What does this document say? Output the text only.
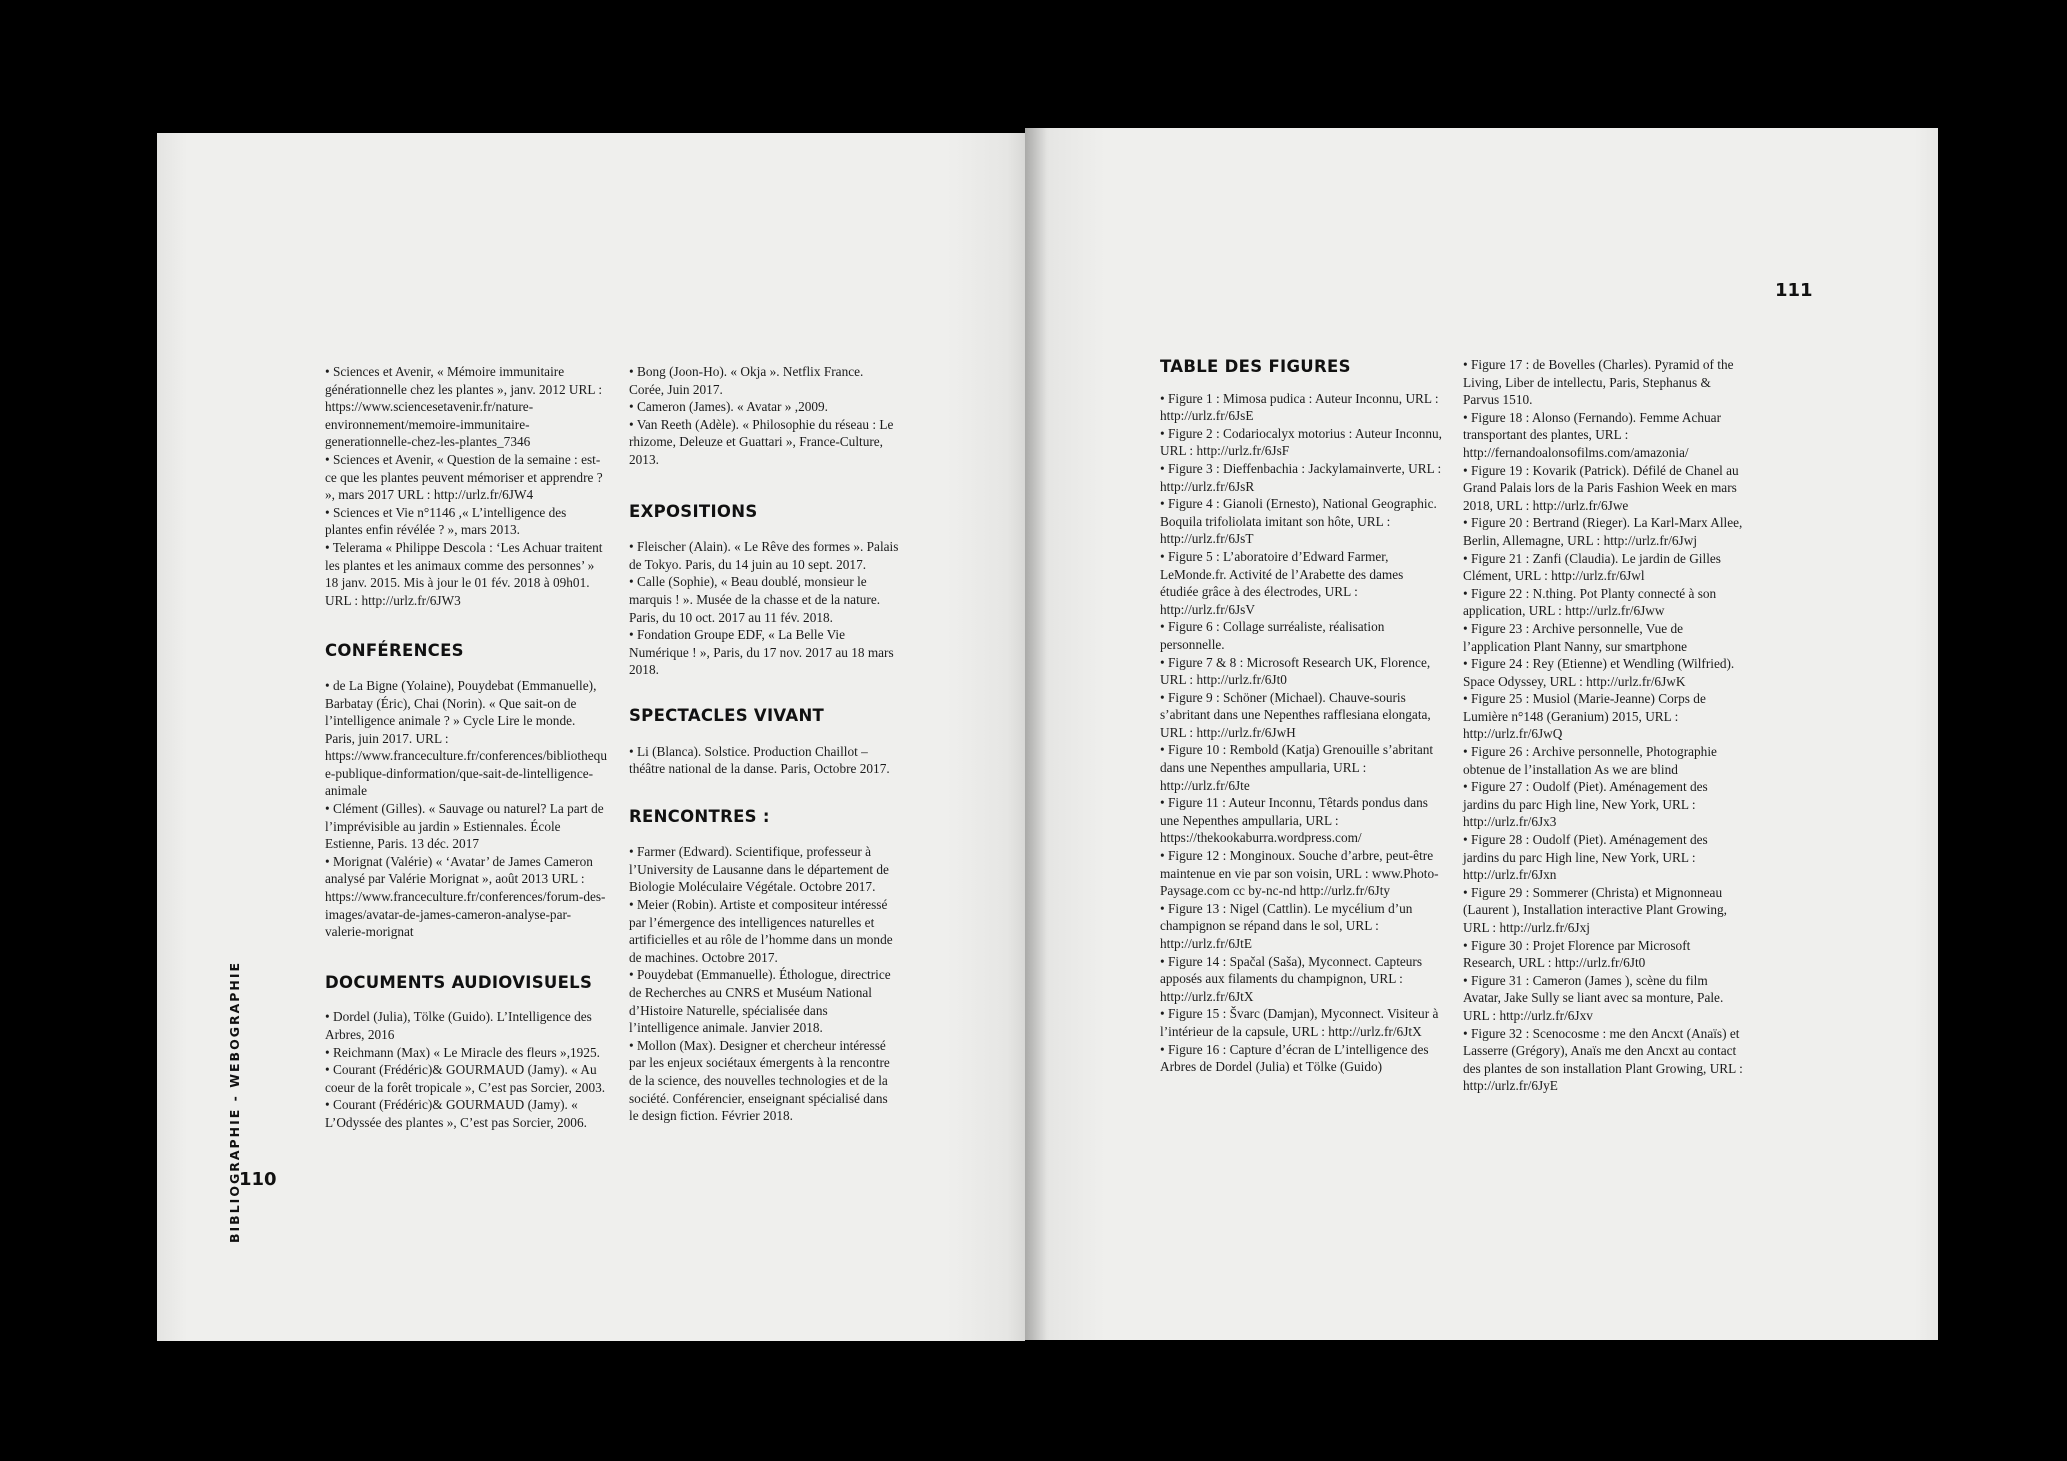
• Sciences et Avenir, « Mémoire immunitaire générationnelle chez les plantes », janv. 2012 URL : https://www.sciencesetavenir.fr/nature-environnement/memoire-immunitaire-generationnelle-chez-les-plantes_7346

• Sciences et Avenir, « Question de la semaine : est-ce que les plantes peuvent mémoriser et apprendre ? », mars 2017 URL : http://urlz.fr/6JW4

• Sciences et Vie n°1146 ,« L’intelligence des plantes enfin révélée ? », mars 2013.

• Telerama « Philippe Descola : ‘Les Achuar traitent les plantes et les animaux comme des personnes’ » 18 janv. 2015. Mis à jour le 01 fév. 2018 à 09h01. URL : http://urlz.fr/6JW3

CONFÉRENCES

• de La Bigne (Yolaine), Pouydebat (Emmanuelle), Barbatay (Éric), Chai (Norin). « Que sait-on de l’intelligence animale ? » Cycle Lire le monde. Paris, juin 2017. URL : https://www.franceculture.fr/conferences/bibliotheque-publique-dinformation/que-sait-de-lintelligence-animale

• Clément (Gilles). « Sauvage ou naturel? La part de l’imprévisible au jardin » Estiennales. École Estienne, Paris. 13 déc. 2017

• Morignat (Valérie) « ‘Avatar’ de James Cameron analysé par Valérie Morignat », août 2013 URL : https://www.franceculture.fr/conferences/forum-des-images/avatar-de-james-cameron-analyse-par-valerie-morignat

DOCUMENTS AUDIOVISUELS

• Dordel (Julia), Tölke (Guido). L’Intelligence des Arbres, 2016

• Reichmann (Max) « Le Miracle des fleurs »,1925.

• Courant (Frédéric)& GOURMAUD (Jamy). « Au coeur de la forêt tropicale », C’est pas Sorcier, 2003.

• Courant (Frédéric)& GOURMAUD (Jamy). « L’Odyssée des plantes », C’est pas Sorcier, 2006.

• Bong (Joon-Ho). « Okja ». Netflix France. Corée, Juin 2017.

• Cameron (James). « Avatar » ,2009.

• Van Reeth (Adèle). « Philosophie du réseau : Le rhizome, Deleuze et Guattari », France-Culture, 2013.

EXPOSITIONS

• Fleischer (Alain). « Le Rêve des formes ». Palais de Tokyo. Paris, du 14 juin au 10 sept. 2017.

• Calle (Sophie), « Beau doublé, monsieur le marquis ! ». Musée de la chasse et de la nature. Paris, du 10 oct. 2017 au 11 fév. 2018.

• Fondation Groupe EDF, « La Belle Vie Numérique ! », Paris, du 17 nov. 2017 au 18 mars 2018.

SPECTACLES VIVANT

• Li (Blanca). Solstice. Production Chaillot – théâtre national de la danse. Paris, Octobre 2017.

RENCONTRES :

• Farmer (Edward). Scientifique, professeur à l’University de Lausanne dans le département de Biologie Moléculaire Végétale. Octobre 2017.

• Meier (Robin). Artiste et compositeur intéressé par l’émergence des intelligences naturelles et artificielles et au rôle de l’homme dans un monde de machines. Octobre 2017.

• Pouydebat (Emmanuelle). Éthologue, directrice de Recherches au CNRS et Muséum National d’Histoire Naturelle, spécialisée dans l’intelligence animale. Janvier 2018.

• Mollon (Max). Designer et chercheur intéressé par les enjeux sociétaux émergents à la rencontre de la science, des nouvelles technologies et de la société. Conférencier, enseignant spécialisé dans le design fiction. Février 2018.

BIBLIOGRAPHIE - WEBOGRAPHIE
110
111
TABLE DES FIGURES

• Figure 1 : Mimosa pudica : Auteur Inconnu, URL : http://urlz.fr/6JsE

• Figure 2 : Codariocalyx motorius : Auteur Inconnu, URL : http://urlz.fr/6JsF

• Figure 3 : Dieffenbachia : Jackylamainverte, URL : http://urlz.fr/6JsR

• Figure 4 : Gianoli (Ernesto), National Geographic. Boquila trifoliolata imitant son hôte, URL : http://urlz.fr/6JsT

• Figure 5 : L’aboratoire d’Edward Farmer, LeMonde.fr. Activité de l’Arabette des dames étudiée grâce à des électrodes, URL : http://urlz.fr/6JsV

• Figure 6 : Collage surréaliste, réalisation personnelle.

• Figure 7 & 8 : Microsoft Research UK, Florence, URL : http://urlz.fr/6Jt0

• Figure 9 : Schöner (Michael). Chauve-souris s’abritant dans une Nepenthes rafflesiana elongata, URL : http://urlz.fr/6JwH

• Figure 10 : Rembold (Katja) Grenouille s’abritant dans une Nepenthes ampullaria, URL : http://urlz.fr/6Jte

• Figure 11 : Auteur Inconnu, Têtards pondus dans une Nepenthes ampullaria, URL : https://thekookaburra.wordpress.com/

• Figure 12 : Monginoux. Souche d’arbre, peut-être maintenue en vie par son voisin, URL : www.Photo-Paysage.com cc by-nc-nd http://urlz.fr/6Jty

• Figure 13 : Nigel (Cattlin). Le mycélium d’un champignon se répand dans le sol, URL : http://urlz.fr/6JtE

• Figure 14 : Spačal (Saša), Myconnect. Capteurs apposés aux filaments du champignon, URL : http://urlz.fr/6JtX

• Figure 15 : Švarc (Damjan), Myconnect. Visiteur à l’intérieur de la capsule, URL : http://urlz.fr/6JtX

• Figure 16 : Capture d’écran de L’intelligence des Arbres de Dordel (Julia) et Tölke (Guido)

• Figure 17 : de Bovelles (Charles). Pyramid of the Living, Liber de intellectu, Paris, Stephanus & Parvus 1510.

• Figure 18 : Alonso (Fernando). Femme Achuar transportant des plantes, URL : http://fernandoalonsofilms.com/amazonia/

• Figure 19 : Kovarik (Patrick). Défilé de Chanel au Grand Palais lors de la Paris Fashion Week en mars 2018, URL : http://urlz.fr/6Jwe

• Figure 20 : Bertrand (Rieger). La Karl-Marx Allee, Berlin, Allemagne, URL : http://urlz.fr/6Jwj

• Figure 21 : Zanfi (Claudia). Le jardin de Gilles Clément, URL : http://urlz.fr/6Jwl

• Figure 22 : N.thing. Pot Planty connecté à son application, URL : http://urlz.fr/6Jww

• Figure 23 : Archive personnelle, Vue de l’application Plant Nanny, sur smartphone

• Figure 24 : Rey (Etienne) et Wendling (Wilfried). Space Odyssey, URL : http://urlz.fr/6JwK

• Figure 25 : Musiol (Marie-Jeanne) Corps de Lumière n°148 (Geranium) 2015, URL : http://urlz.fr/6JwQ

• Figure 26 : Archive personnelle, Photographie obtenue de l’installation As we are blind

• Figure 27 : Oudolf (Piet). Aménagement des jardins du parc High line, New York, URL : http://urlz.fr/6Jx3

• Figure 28 : Oudolf (Piet). Aménagement des jardins du parc High line, New York, URL : http://urlz.fr/6Jxn

• Figure 29 : Sommerer (Christa) et Mignonneau (Laurent ), Installation interactive Plant Growing, URL : http://urlz.fr/6Jxj

• Figure 30 : Projet Florence par Microsoft Research, URL : http://urlz.fr/6Jt0

• Figure 31 : Cameron (James ), scène du film Avatar, Jake Sully se liant avec sa monture, Pale. URL : http://urlz.fr/6Jxv

• Figure 32 : Scenocosme : me den Ancxt (Anaïs) et Lasserre (Grégory), Anaïs me den Ancxt au contact des plantes de son installation Plant Growing, URL : http://urlz.fr/6JyE
